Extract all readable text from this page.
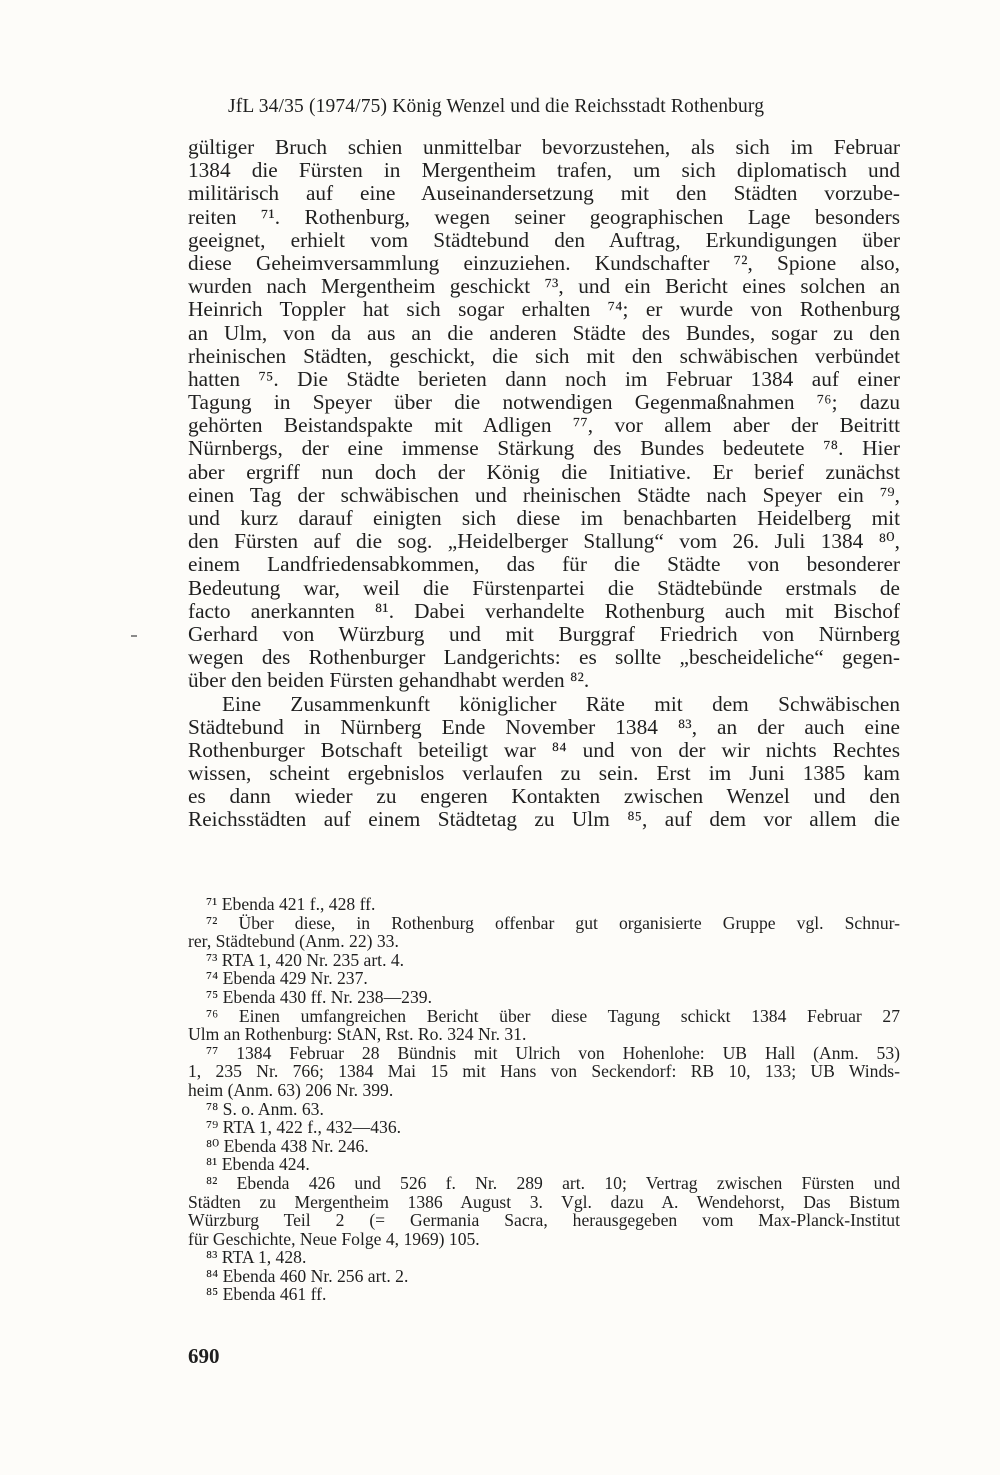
JfL 34/35 (1974/75) König Wenzel und die Reichsstadt Rothenburg
gültiger Bruch schien unmittelbar bevorzustehen, als sich im Februar
1384 die Fürsten in Mergentheim trafen, um sich diplomatisch und
militärisch auf eine Auseinandersetzung mit den Städten vorzube-
reiten ⁷¹. Rothenburg, wegen seiner geographischen Lage besonders
geeignet, erhielt vom Städtebund den Auftrag, Erkundigungen über
diese Geheimversammlung einzuziehen. Kundschafter ⁷², Spione also,
wurden nach Mergentheim geschickt ⁷³, und ein Bericht eines solchen an
Heinrich Toppler hat sich sogar erhalten ⁷⁴; er wurde von Rothenburg
an Ulm, von da aus an die anderen Städte des Bundes, sogar zu den
rheinischen Städten, geschickt, die sich mit den schwäbischen verbündet
hatten ⁷⁵. Die Städte berieten dann noch im Februar 1384 auf einer
Tagung in Speyer über die notwendigen Gegenmaßnahmen ⁷⁶; dazu
gehörten Beistandspakte mit Adligen ⁷⁷, vor allem aber der Beitritt
Nürnbergs, der eine immense Stärkung des Bundes bedeutete ⁷⁸. Hier
aber ergriff nun doch der König die Initiative. Er berief zunächst
einen Tag der schwäbischen und rheinischen Städte nach Speyer ein ⁷⁹,
und kurz darauf einigten sich diese im benachbarten Heidelberg mit
den Fürsten auf die sog. „Heidelberger Stallung“ vom 26. Juli 1384 ⁸⁰,
einem Landfriedensabkommen, das für die Städte von besonderer
Bedeutung war, weil die Fürstenpartei die Städtebünde erstmals de
facto anerkannten ⁸¹. Dabei verhandelte Rothenburg auch mit Bischof
Gerhard von Würzburg und mit Burggraf Friedrich von Nürnberg
wegen des Rothenburger Landgerichts: es sollte „bescheideliche“ gegen-
über den beiden Fürsten gehandhabt werden ⁸².
Eine Zusammenkunft königlicher Räte mit dem Schwäbischen
Städtebund in Nürnberg Ende November 1384 ⁸³, an der auch eine
Rothenburger Botschaft beteiligt war ⁸⁴ und von der wir nichts Rechtes
wissen, scheint ergebnislos verlaufen zu sein. Erst im Juni 1385 kam
es dann wieder zu engeren Kontakten zwischen Wenzel und den
Reichsstädten auf einem Städtetag zu Ulm ⁸⁵, auf dem vor allem die
⁷¹ Ebenda 421 f., 428 ff.
⁷² Über diese, in Rothenburg offenbar gut organisierte Gruppe vgl. Schnur-
rer, Städtebund (Anm. 22) 33.
⁷³ RTA 1, 420 Nr. 235 art. 4.
⁷⁴ Ebenda 429 Nr. 237.
⁷⁵ Ebenda 430 ff. Nr. 238—239.
⁷⁶ Einen umfangreichen Bericht über diese Tagung schickt 1384 Februar 27
Ulm an Rothenburg: StAN, Rst. Ro. 324 Nr. 31.
⁷⁷ 1384 Februar 28 Bündnis mit Ulrich von Hohenlohe: UB Hall (Anm. 53)
1, 235 Nr. 766; 1384 Mai 15 mit Hans von Seckendorf: RB 10, 133; UB Winds-
heim (Anm. 63) 206 Nr. 399.
⁷⁸ S. o. Anm. 63.
⁷⁹ RTA 1, 422 f., 432—436.
⁸⁰ Ebenda 438 Nr. 246.
⁸¹ Ebenda 424.
⁸² Ebenda 426 und 526 f. Nr. 289 art. 10; Vertrag zwischen Fürsten und
Städten zu Mergentheim 1386 August 3. Vgl. dazu A. Wendehorst, Das Bistum
Würzburg Teil 2 (= Germania Sacra, herausgegeben vom Max-Planck-Institut
für Geschichte, Neue Folge 4, 1969) 105.
⁸³ RTA 1, 428.
⁸⁴ Ebenda 460 Nr. 256 art. 2.
⁸⁵ Ebenda 461 ff.
690
